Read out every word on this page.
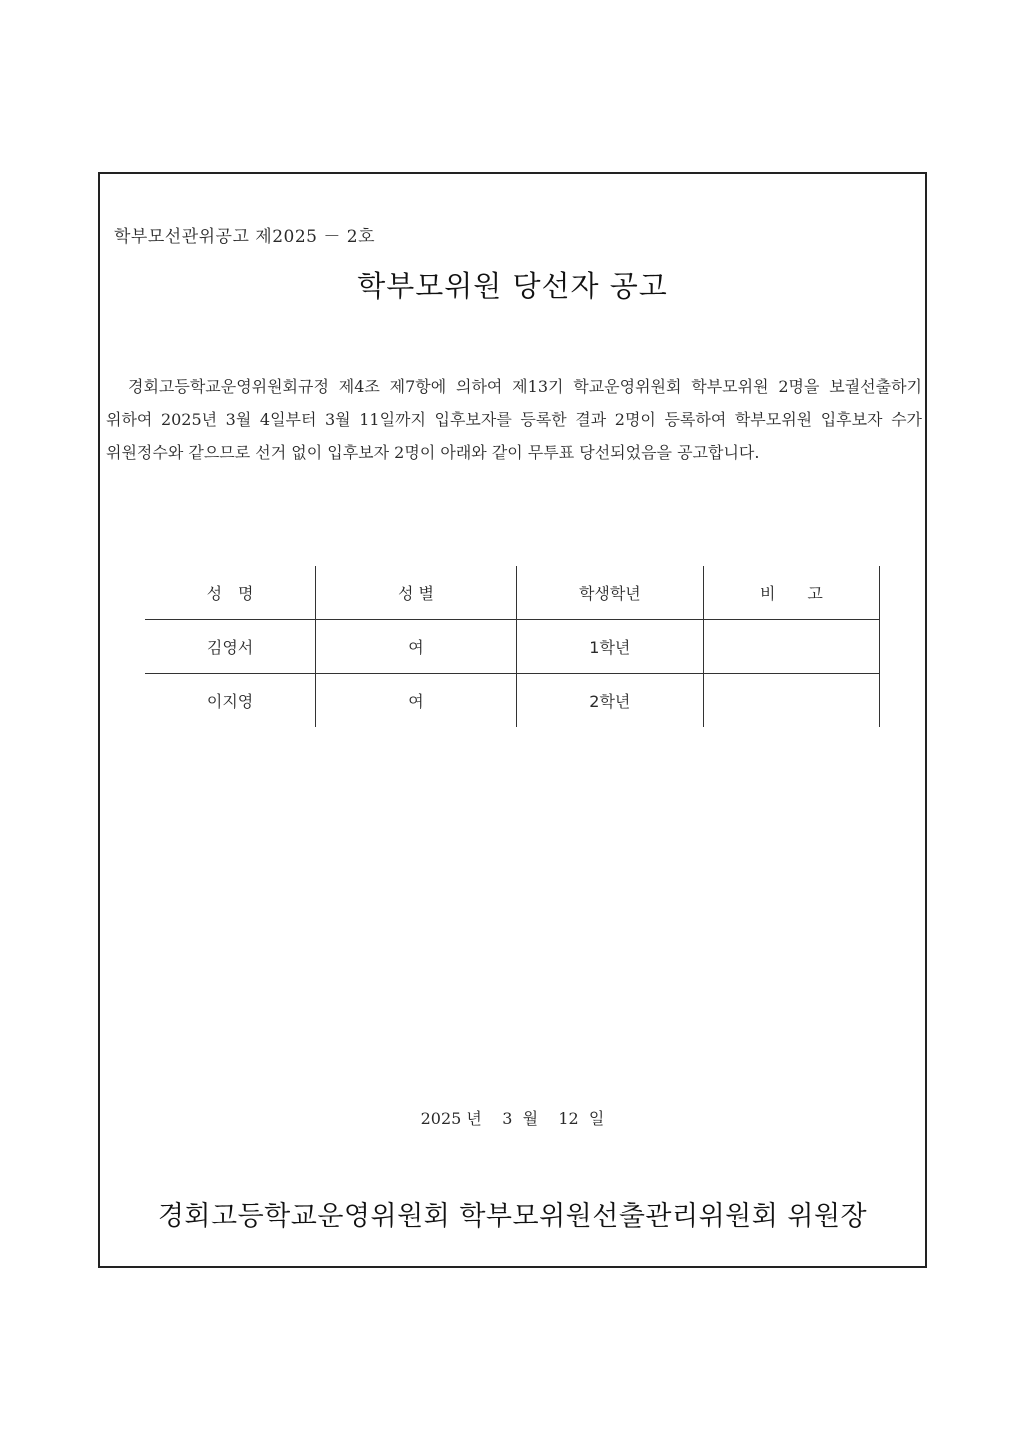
학부모선관위공고 제2025 － 2호
학부모위원 당선자 공고
경회고등학교운영위원회규정 제4조 제7항에 의하여 제13기 학교운영위원회 학부모위원 2명을 보궐선출하기 위하여 2025년 3월 4일부터 3월 11일까지 입후보자를 등록한 결과 2명이 등록하여 학부모위원 입후보자 수가 위원정수와 같으므로 선거 없이 입후보자 2명이 아래와 같이 무투표 당선되었음을 공고합니다.
성　명	성 별	학생학년	비　　고
김영서	여	1학년	
이지영	여	2학년	
2025 년    3  월    12  일
경회고등학교운영위원회 학부모위원선출관리위원회 위원장
